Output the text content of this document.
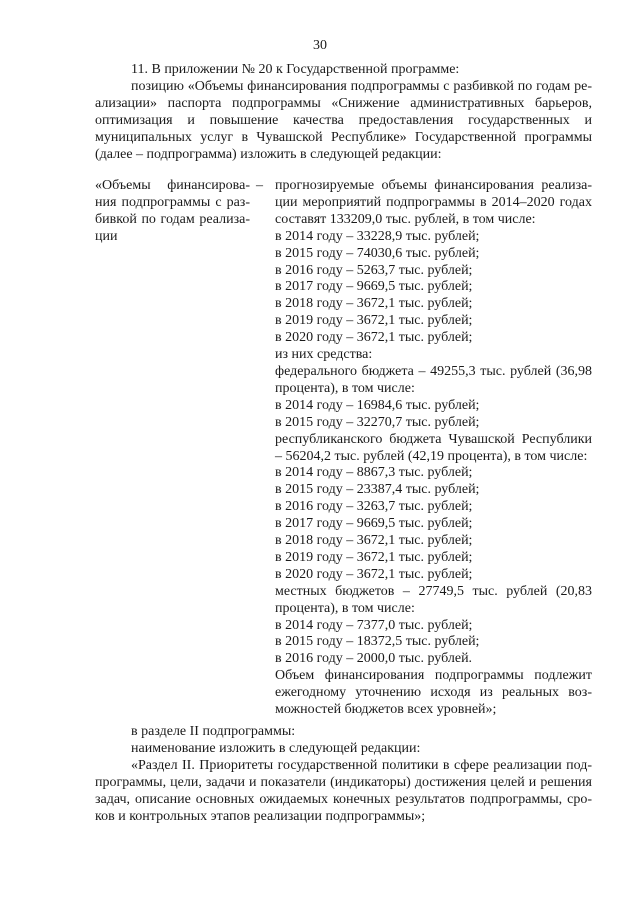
30

11. В приложении № 20 к Государственной программе:

позицию «Объемы финансирования подпрограммы с разбивкой по годам реализации» паспорта подпрограммы «Снижение административных барьеров, оптимизация и повышение качества предоставления государственных и муниципальных услуг в Чувашской Республике» Государственной программы (далее – подпрограмма) изложить в следующей редакции:

«Объемы финансирования подпрограммы с разбивкой по годам реализации
– прогнозируемые объемы финансирования реализации мероприятий подпрограммы в 2014–2020 годах составят 133209,0 тыс. рублей, в том числе:
в 2014 году – 33228,9 тыс. рублей;
в 2015 году – 74030,6 тыс. рублей;
в 2016 году – 5263,7 тыс. рублей;
в 2017 году – 9669,5 тыс. рублей;
в 2018 году – 3672,1 тыс. рублей;
в 2019 году – 3672,1 тыс. рублей;
в 2020 году – 3672,1 тыс. рублей;
из них средства:
федерального бюджета – 49255,3 тыс. рублей (36,98 процента), в том числе:
в 2014 году – 16984,6 тыс. рублей;
в 2015 году – 32270,7 тыс. рублей;
республиканского бюджета Чувашской Республики – 56204,2 тыс. рублей (42,19 процента), в том числе:
в 2014 году – 8867,3 тыс. рублей;
в 2015 году – 23387,4 тыс. рублей;
в 2016 году – 3263,7 тыс. рублей;
в 2017 году – 9669,5 тыс. рублей;
в 2018 году – 3672,1 тыс. рублей;
в 2019 году – 3672,1 тыс. рублей;
в 2020 году – 3672,1 тыс. рублей;
местных бюджетов – 27749,5 тыс. рублей (20,83 процента), в том числе:
в 2014 году – 7377,0 тыс. рублей;
в 2015 году – 18372,5 тыс. рублей;
в 2016 году – 2000,0 тыс. рублей.
Объем финансирования подпрограммы подлежит ежегодному уточнению исходя из реальных возможностей бюджетов всех уровней»;

в разделе II подпрограммы:

наименование изложить в следующей редакции:

«Раздел II. Приоритеты государственной политики в сфере реализации подпрограммы, цели, задачи и показатели (индикаторы) достижения целей и решения задач, описание основных ожидаемых конечных результатов подпрограммы, сроков и контрольных этапов реализации подпрограммы»;
